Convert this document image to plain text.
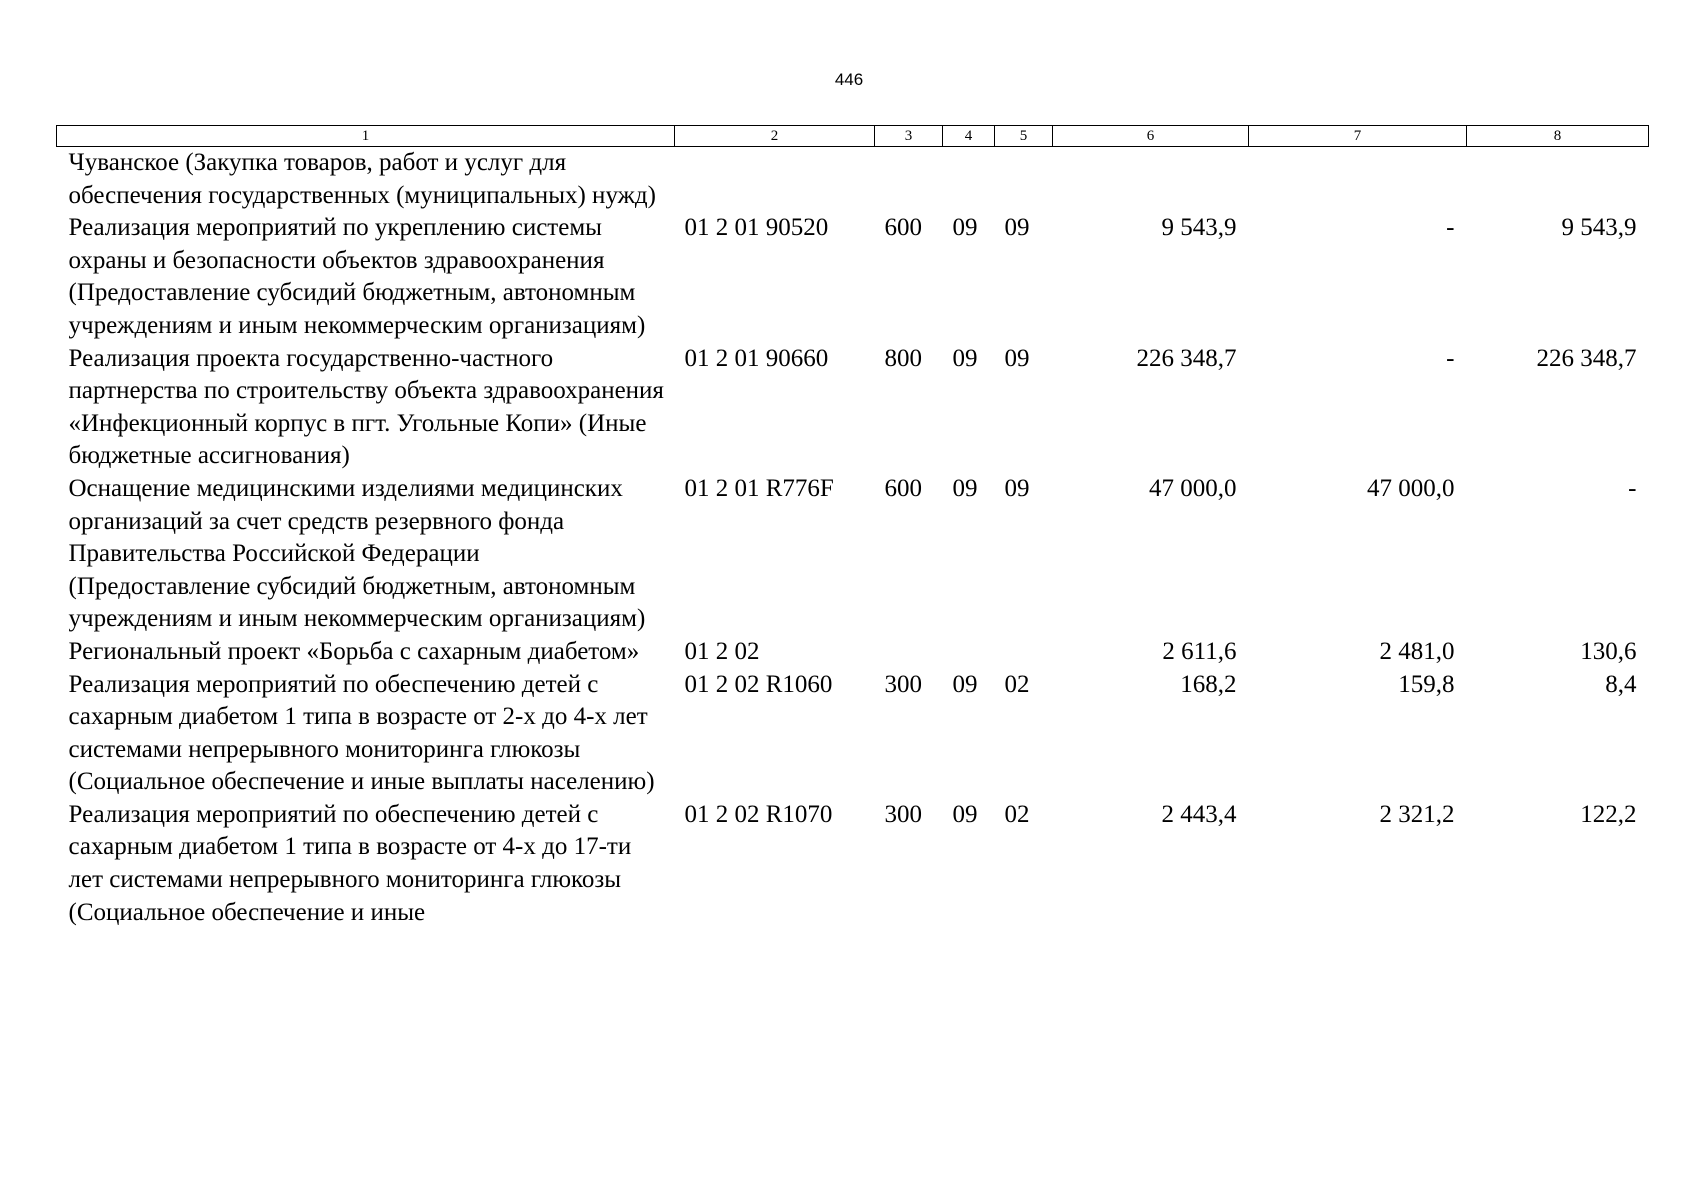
446
1	2	3	4	5	6	7	8
Чуванское (Закупка товаров, работ и услуг для обеспечения государственных (муниципальных) нужд)							
Реализация мероприятий по укреплению системы охраны и безопасности объектов здравоохранения (Предоставление субсидий бюджетным, автономным учреждениям и иным некоммерческим организациям)	01 2 01 90520	600	09	09	9 543,9	-	9 543,9
Реализация проекта государственно-частного партнерства по строительству объекта здравоохранения «Инфекционный корпус в пгт. Угольные Копи» (Иные бюджетные ассигнования)	01 2 01 90660	800	09	09	226 348,7	-	226 348,7
Оснащение медицинскими изделиями медицинских организаций за счет средств резервного фонда Правительства Российской Федерации (Предоставление субсидий бюджетным, автономным учреждениям и иным некоммерческим организациям)	01 2 01 R776F	600	09	09	47 000,0	47 000,0	-
Региональный проект «Борьба с сахарным диабетом»	01 2 02				2 611,6	2 481,0	130,6
Реализация мероприятий по обеспечению детей с сахарным диабетом 1 типа в возрасте от 2-х до 4-х лет системами непрерывного мониторинга глюкозы (Социальное обеспечение и иные выплаты населению)	01 2 02 R1060	300	09	02	168,2	159,8	8,4
Реализация мероприятий по обеспечению детей с сахарным диабетом 1 типа в возрасте от 4-х до 17-ти лет системами непрерывного мониторинга глюкозы (Социальное обеспечение и иные	01 2 02 R1070	300	09	02	2 443,4	2 321,2	122,2
